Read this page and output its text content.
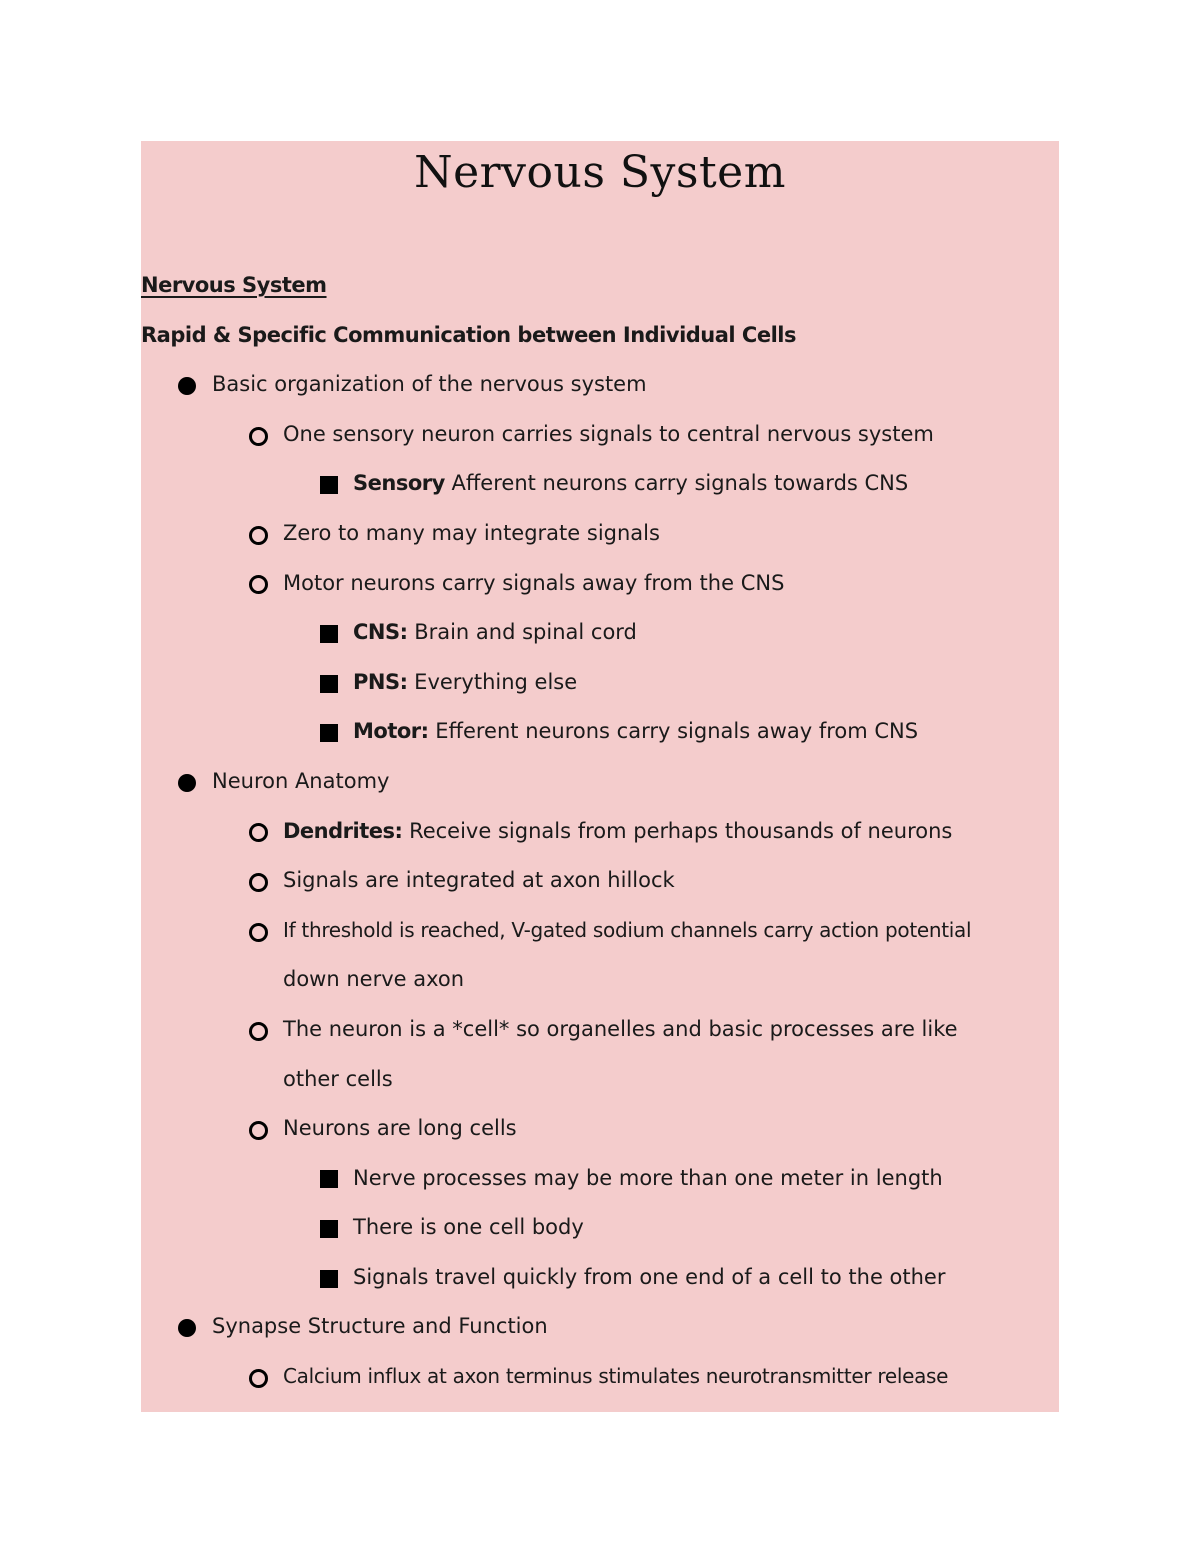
Nervous System
Nervous System
Rapid & Specific Communication between Individual Cells
Basic organization of the nervous system
One sensory neuron carries signals to central nervous system
Sensory Afferent neurons carry signals towards CNS
Zero to many may integrate signals
Motor neurons carry signals away from the CNS
CNS: Brain and spinal cord
PNS: Everything else
Motor: Efferent neurons carry signals away from CNS
Neuron Anatomy
Dendrites: Receive signals from perhaps thousands of neurons
Signals are integrated at axon hillock
If threshold is reached, V-gated sodium channels carry action potential
down nerve axon
The neuron is a *cell* so organelles and basic processes are like
other cells
Neurons are long cells
Nerve processes may be more than one meter in length
There is one cell body
Signals travel quickly from one end of a cell to the other
Synapse Structure and Function
Calcium influx at axon terminus stimulates neurotransmitter release
